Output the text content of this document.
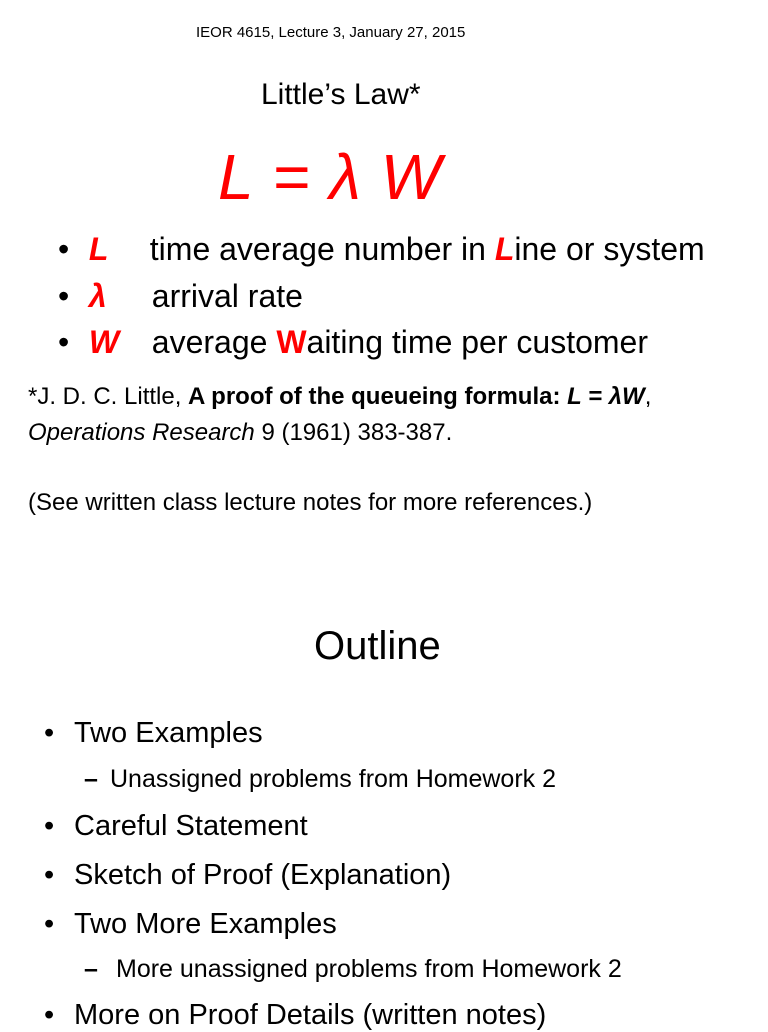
IEOR 4615, Lecture 3, January 27, 2015
Little’s Law*
L = λ W
• L time average number in Line or system
• λ arrival rate
• W average Waiting time per customer
*J. D. C. Little, A proof of the queueing formula: L = λW,
Operations Research 9 (1961) 383-387.
(See written class lecture notes for more references.)
Outline
• Two Examples
– Unassigned problems from Homework 2
• Careful Statement
• Sketch of Proof (Explanation)
• Two More Examples
– More unassigned problems from Homework 2
• More on Proof Details (written notes)
